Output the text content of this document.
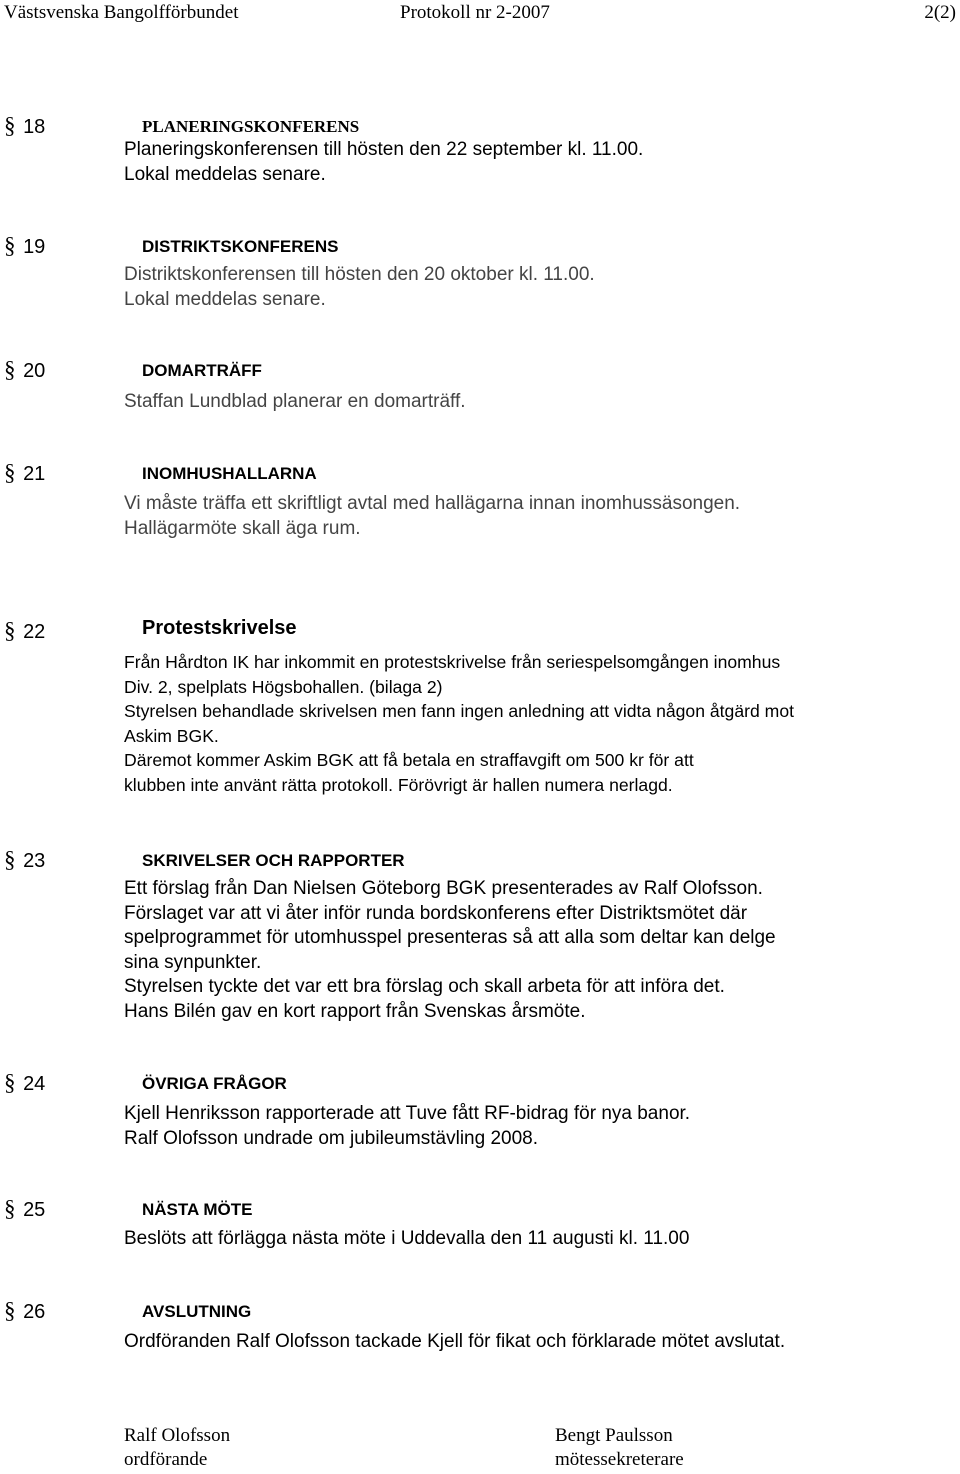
Västsvenska Bangolfförbundet	Protokoll nr 2-2007	2(2)
§ 18	PLANERINGSKONFERENS
Planeringskonferensen till hösten den 22 september kl. 11.00.
Lokal meddelas senare.
§ 19	DISTRIKTSKONFERENS
Distriktskonferensen till hösten den 20 oktober kl. 11.00.
Lokal meddelas senare.
§ 20	DOMARTRÄFF
Staffan Lundblad planerar en domarträff.
§ 21	INOMHUSHALLARNA
Vi måste träffa ett skriftligt avtal med hallägarna innan inomhussäsongen.
Hallägarmöte skall äga rum.
§ 22	Protestskrivelse
Från Hårdton IK har inkommit en protestskrivelse från seriespelsomgången inomhus
Div. 2, spelplats Högsbohallen. (bilaga 2)
Styrelsen behandlade skrivelsen men fann ingen anledning att vidta någon åtgärd mot
Askim BGK.
Däremot kommer Askim BGK att få betala en straffavgift om 500 kr för att
klubben inte använt rätta protokoll. Förövrigt är hallen numera nerlagd.
§ 23	SKRIVELSER OCH RAPPORTER
Ett förslag från Dan Nielsen Göteborg BGK presenterades av Ralf Olofsson.
Förslaget var att vi åter inför runda bordskonferens efter Distriktsmötet där
spelprogrammet för utomhusspel presenteras så att alla som deltar kan delge
sina synpunkter.
Styrelsen tyckte det var ett bra förslag och skall arbeta för att införa det.
Hans Bilén gav en kort rapport från Svenskas årsmöte.
§ 24	ÖVRIGA FRÅGOR
Kjell Henriksson rapporterade att Tuve fått RF-bidrag för nya banor.
Ralf Olofsson undrade om jubileumstävling 2008.
§ 25	NÄSTA MÖTE
Beslöts att förlägga nästa möte i Uddevalla den 11 augusti kl. 11.00
§ 26	AVSLUTNING
Ordföranden Ralf Olofsson tackade Kjell för fikat och förklarade mötet avslutat.
Ralf Olofsson
ordförande
Bengt Paulsson
mötessekreterare
